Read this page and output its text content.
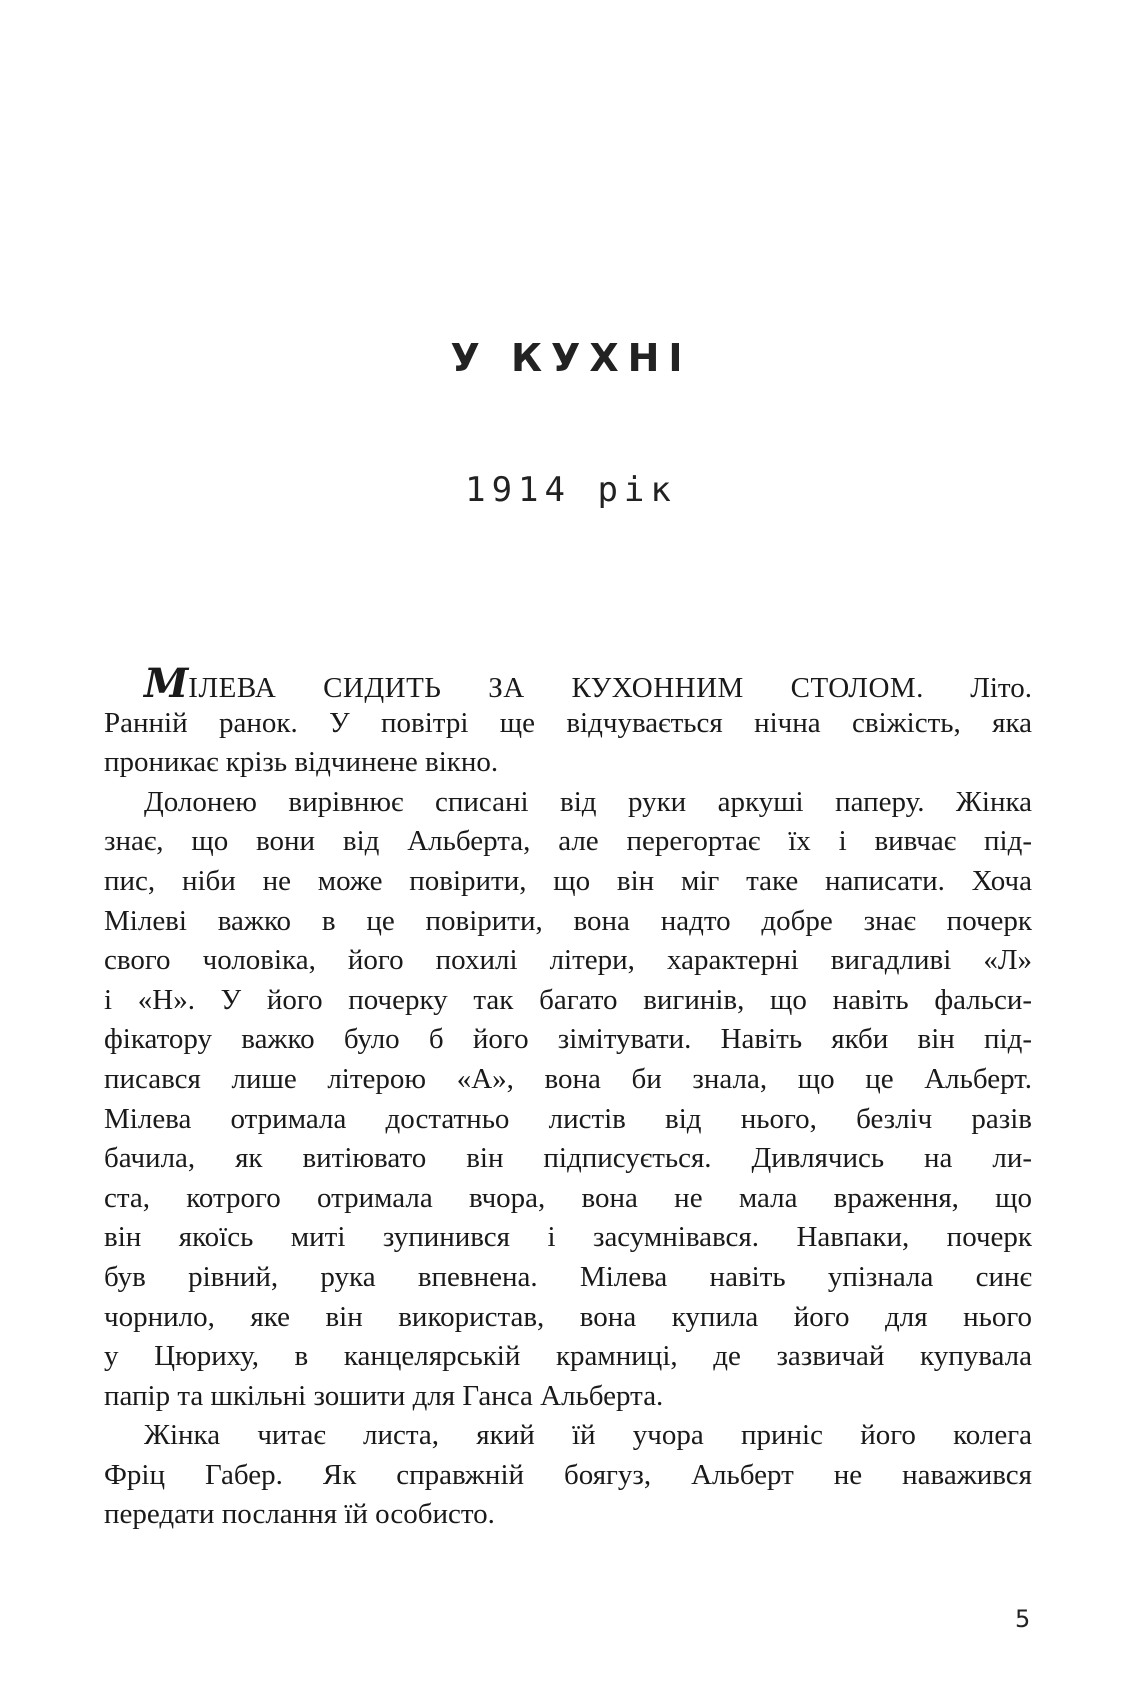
У КУХНІ
1914 рік
МІЛЕВА СИДИТЬ ЗА КУХОННИМ СТОЛОМ. Літо.
Ранній ранок. У повітрі ще відчувається нічна свіжість, яка
проникає крізь відчинене вікно.
Долонею вирівнює списані від руки аркуші паперу. Жінка
знає, що вони від Альберта, але перегортає їх і вивчає під-
пис, ніби не може повірити, що він міг таке написати. Хоча
Мілеві важко в це повірити, вона надто добре знає почерк
свого чоловіка, його похилі літери, характерні вигадливі «Л»
і «Н». У його почерку так багато вигинів, що навіть фальси-
фікатору важко було б його зімітувати. Навіть якби він під-
писався лише літерою «А», вона би знала, що це Альберт.
Мілева отримала достатньо листів від нього, безліч разів
бачила, як витіювато він підписується. Дивлячись на ли-
ста, котрого отримала вчора, вона не мала враження, що
він якоїсь миті зупинився і засумнівався. Навпаки, почерк
був рівний, рука впевнена. Мілева навіть упізнала синє
чорнило, яке він використав, вона купила його для нього
у Цюриху, в канцелярській крамниці, де зазвичай купувала
папір та шкільні зошити для Ганса Альберта.
Жінка читає листа, який їй учора приніс його колега
Фріц Габер. Як справжній боягуз, Альберт не наважився
передати послання їй особисто.
5
